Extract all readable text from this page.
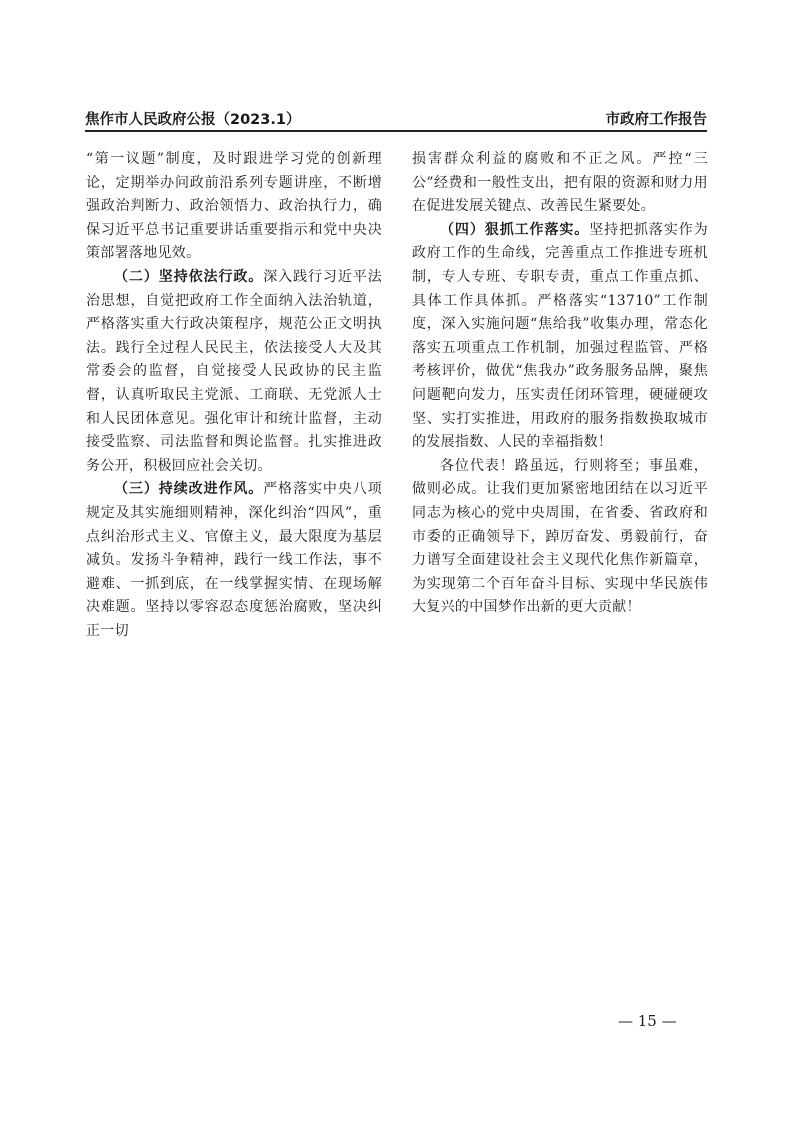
焦作市人民政府公报（2023.1）	市政府工作报告

“第一议题”制度，及时跟进学习党的创新理论，定期举办问政前沿系列专题讲座，不断增强政治判断力、政治领悟力、政治执行力，确保习近平总书记重要讲话重要指示和党中央决策部署落地见效。

（二）坚持依法行政。深入践行习近平法治思想，自觉把政府工作全面纳入法治轨道，严格落实重大行政决策程序，规范公正文明执法。践行全过程人民民主，依法接受人大及其常委会的监督，自觉接受人民政协的民主监督，认真听取民主党派、工商联、无党派人士和人民团体意见。强化审计和统计监督，主动接受监察、司法监督和舆论监督。扎实推进政务公开，积极回应社会关切。

（三）持续改进作风。严格落实中央八项规定及其实施细则精神，深化纠治“四风”，重点纠治形式主义、官僚主义，最大限度为基层减负。发扬斗争精神，践行一线工作法，事不避难、一抓到底，在一线掌握实情、在现场解决难题。坚持以零容忍态度惩治腐败，坚决纠正一切

损害群众利益的腐败和不正之风。严控“三公”经费和一般性支出，把有限的资源和财力用在促进发展关键点、改善民生紧要处。

（四）狠抓工作落实。坚持把抓落实作为政府工作的生命线，完善重点工作推进专班机制，专人专班、专职专责，重点工作重点抓、具体工作具体抓。严格落实“13710”工作制度，深入实施问题“焦给我”收集办理，常态化落实五项重点工作机制，加强过程监管、严格考核评价，做优“焦我办”政务服务品牌，聚焦问题靶向发力，压实责任闭环管理，硬碰硬攻坚、实打实推进，用政府的服务指数换取城市的发展指数、人民的幸福指数！

各位代表！路虽远，行则将至；事虽难，做则必成。让我们更加紧密地团结在以习近平同志为核心的党中央周围，在省委、省政府和市委的正确领导下，踔厉奋发、勇毅前行，奋力谱写全面建设社会主义现代化焦作新篇章，为实现第二个百年奋斗目标、实现中华民族伟大复兴的中国梦作出新的更大贡献！

— 15 —
